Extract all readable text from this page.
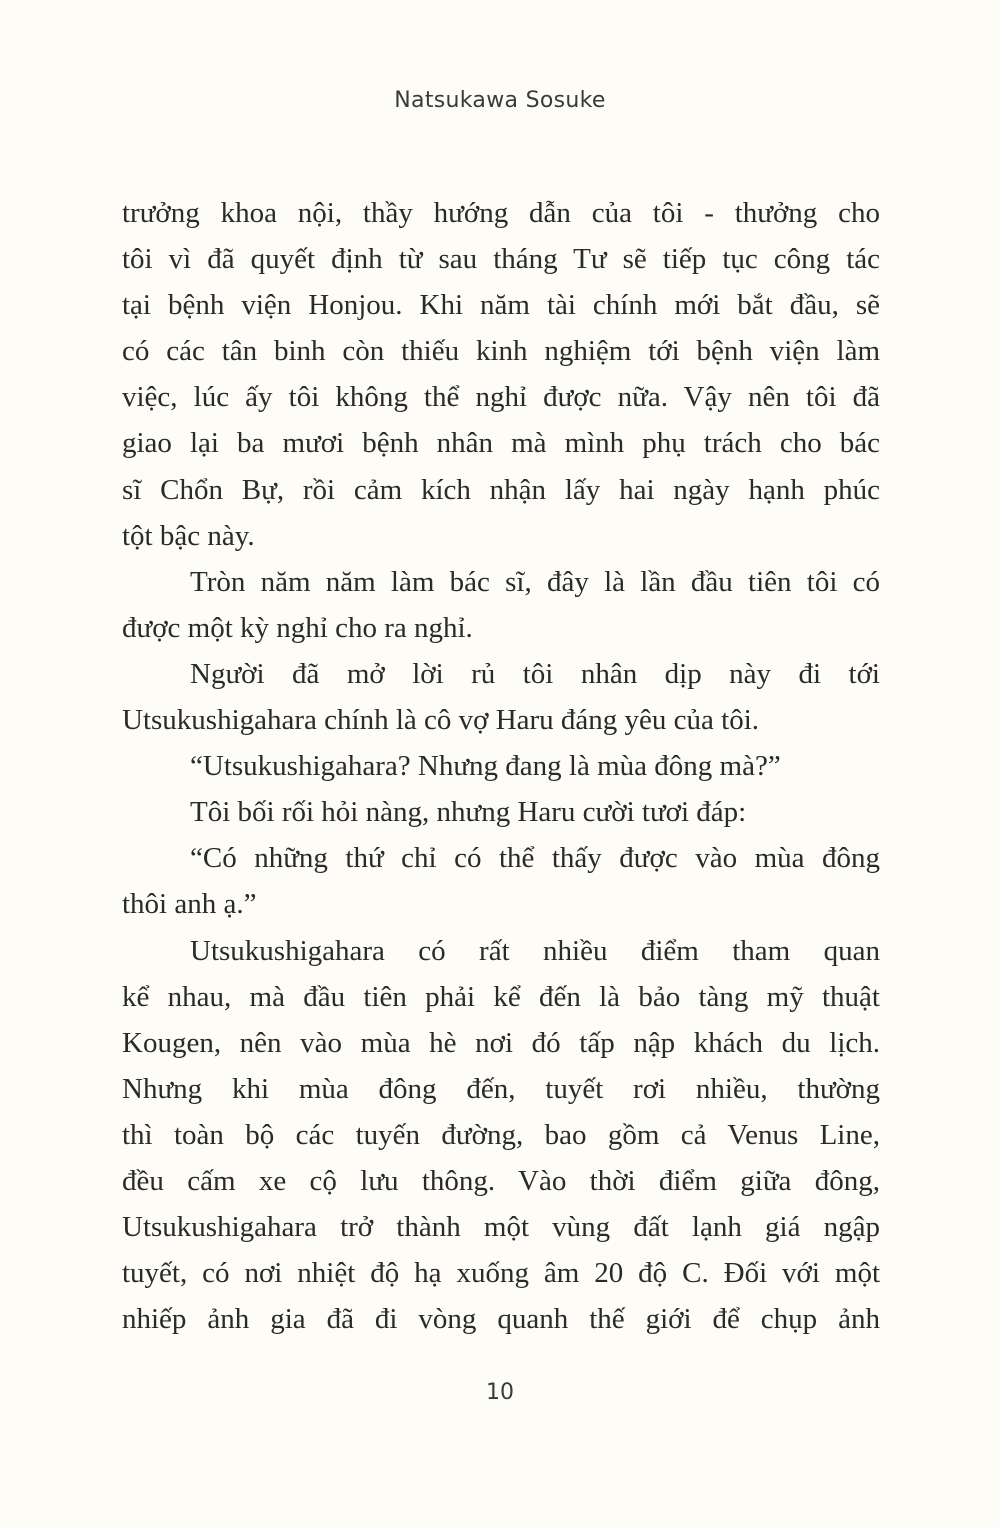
Natsukawa Sosuke
trưởng khoa nội, thầy hướng dẫn của tôi - thưởng cho
tôi vì đã quyết định từ sau tháng Tư sẽ tiếp tục công tác
tại bệnh viện Honjou. Khi năm tài chính mới bắt đầu, sẽ
có các tân binh còn thiếu kinh nghiệm tới bệnh viện làm
việc, lúc ấy tôi không thể nghỉ được nữa. Vậy nên tôi đã
giao lại ba mươi bệnh nhân mà mình phụ trách cho bác
sĩ Chổn Bự, rồi cảm kích nhận lấy hai ngày hạnh phúc
tột bậc này.
Tròn năm năm làm bác sĩ, đây là lần đầu tiên tôi có
được một kỳ nghỉ cho ra nghỉ.
Người đã mở lời rủ tôi nhân dịp này đi tới
Utsukushigahara chính là cô vợ Haru đáng yêu của tôi.
“Utsukushigahara? Nhưng đang là mùa đông mà?”
Tôi bối rối hỏi nàng, nhưng Haru cười tươi đáp:
“Có những thứ chỉ có thể thấy được vào mùa đông
thôi anh ạ.”
Utsukushigahara có rất nhiều điểm tham quan
kể nhau, mà đầu tiên phải kể đến là bảo tàng mỹ thuật
Kougen, nên vào mùa hè nơi đó tấp nập khách du lịch.
Nhưng khi mùa đông đến, tuyết rơi nhiều, thường
thì toàn bộ các tuyến đường, bao gồm cả Venus Line,
đều cấm xe cộ lưu thông. Vào thời điểm giữa đông,
Utsukushigahara trở thành một vùng đất lạnh giá ngập
tuyết, có nơi nhiệt độ hạ xuống âm 20 độ C. Đối với một
nhiếp ảnh gia đã đi vòng quanh thế giới để chụp ảnh
10
